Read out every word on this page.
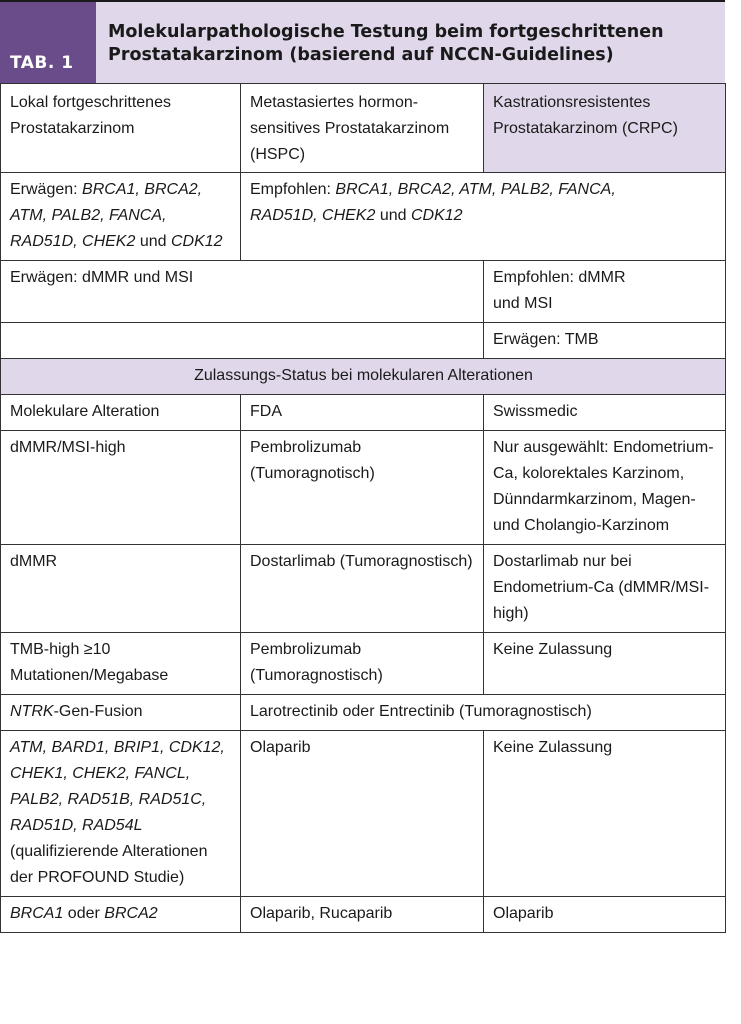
TAB. 1
Molekularpathologische Testung beim fortgeschrittenen
Prostatakarzinom (basierend auf NCCN-Guidelines)
Lokal fortgeschrittenes Prostatakarzinom	Metastasiertes hormon-sensitives Prostatakarzinom (HSPC)	Kastrationsresistentes Prostatakarzinom (CRPC)

Erwägen: BRCA1, BRCA2, ATM, PALB2, FANCA, RAD51D, CHEK2 und CDK12	Empfohlen: BRCA1, BRCA2, ATM, PALB2, FANCA, RAD51D, CHEK2 und CDK12	

Erwägen: dMMR und MSI		Empfohlen: dMMR und MSI

		Erwägen: TMB
Zulassungs-Status bei molekularen Alterationen		
Molekulare Alteration	FDA	Swissmedic
dMMR/MSI-high	Pembrolizumab (Tumoragnotisch)	Nur ausgewählt: Endometrium-Ca, kolorektales Karzinom, Dünndarmkarzinom, Magen- und Cholangio-Karzinom
dMMR	Dostarlimab (Tumoragnostisch)	Dostarlimab nur bei Endometrium-Ca (dMMR/MSI-high)

TMB-high ≥10 Mutationen/Megabase	Pembrolizumab (Tumoragnostisch)	Keine Zulassung
NTRK-Gen-Fusion	Larotrectinib oder Entrectinib (Tumoragnostisch)	
ATM, BARD1, BRIP1, CDK12, CHEK1, CHEK2, FANCL, PALB2, RAD51B, RAD51C, RAD51D, RAD54L (qualifizierende Alterationen der PROFOUND Studie)	Olaparib	Keine Zulassung
BRCA1 oder BRCA2	Olaparib, Rucaparib	Olaparib
